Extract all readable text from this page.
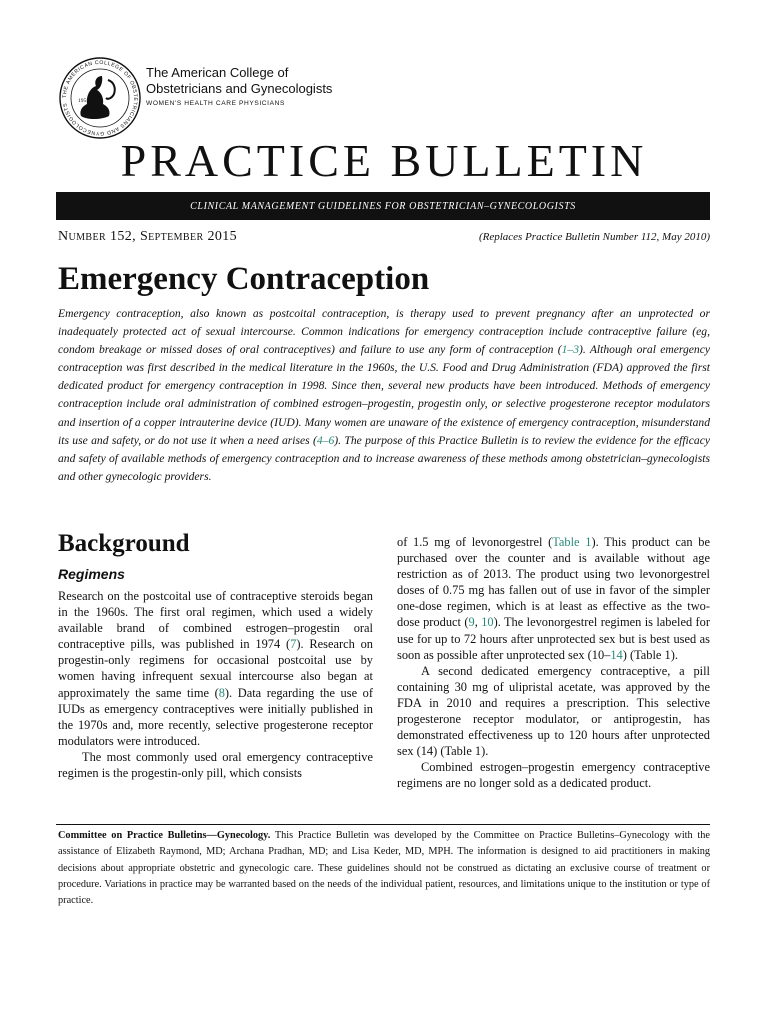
THE AMERICAN COLLEGE OF OBSTETRICIANS AND GYNECOLOGISTS
1951
The American College of
Obstetricians and Gynecologists
WOMEN'S HEALTH CARE PHYSICIANS
PRACTICE BULLETIN
CLINICAL MANAGEMENT GUIDELINES FOR OBSTETRICIAN–GYNECOLOGISTS
Number 152, September 2015	(Replaces Practice Bulletin Number 112, May 2010)
Emergency Contraception
Emergency contraception, also known as postcoital contraception, is therapy used to prevent pregnancy after an unprotected or inadequately protected act of sexual intercourse. Common indications for emergency contraception include contraceptive failure (eg, condom breakage or missed doses of oral contraceptives) and failure to use any form of contraception (1–3). Although oral emergency contraception was first described in the medical literature in the 1960s, the U.S. Food and Drug Administration (FDA) approved the first dedicated product for emergency contraception in 1998. Since then, several new products have been introduced. Methods of emergency contraception include oral administration of combined estrogen–progestin, progestin only, or selective progesterone receptor modulators and insertion of a copper intrauterine device (IUD). Many women are unaware of the existence of emergency contraception, misunderstand its use and safety, or do not use it when a need arises (4–6). The purpose of this Practice Bulletin is to review the evidence for the efficacy and safety of available methods of emergency contraception and to increase awareness of these methods among obstetrician–gynecologists and other gynecologic providers.
Background
Regimens

Research on the postcoital use of contraceptive steroids began in the 1960s. The first oral regimen, which used a widely available brand of combined estrogen–progestin oral contraceptive pills, was published in 1974 (7). Research on progestin-only regimens for occasional postcoital use by women having infrequent sexual intercourse also began at approximately the same time (8). Data regarding the use of IUDs as emergency contraceptives were initially published in the 1970s and, more recently, selective progesterone receptor modulators were introduced.

The most commonly used oral emergency contraceptive regimen is the progestin-only pill, which consists

of 1.5 mg of levonorgestrel (Table 1). This product can be purchased over the counter and is available without age restriction as of 2013. The product using two levonorgestrel doses of 0.75 mg has fallen out of use in favor of the simpler one-dose regimen, which is at least as effective as the two-dose product (9, 10). The levonorgestrel regimen is labeled for use for up to 72 hours after unprotected sex but is best used as soon as possible after unprotected sex (10–14) (Table 1).

A second dedicated emergency contraceptive, a pill containing 30 mg of ulipristal acetate, was approved by the FDA in 2010 and requires a prescription. This selective progesterone receptor modulator, or antiprogestin, has demonstrated effectiveness up to 120 hours after unprotected sex (14) (Table 1).

Combined estrogen–progestin emergency contraceptive regimens are no longer sold as a dedicated product.

Committee on Practice Bulletins—Gynecology. This Practice Bulletin was developed by the Committee on Practice Bulletins–Gynecology with the assistance of Elizabeth Raymond, MD; Archana Pradhan, MD; and Lisa Keder, MD, MPH. The information is designed to aid practitioners in making decisions about appropriate obstetric and gynecologic care. These guidelines should not be construed as dictating an exclusive course of treatment or procedure. Variations in practice may be warranted based on the needs of the individual patient, resources, and limitations unique to the institution or type of practice.
